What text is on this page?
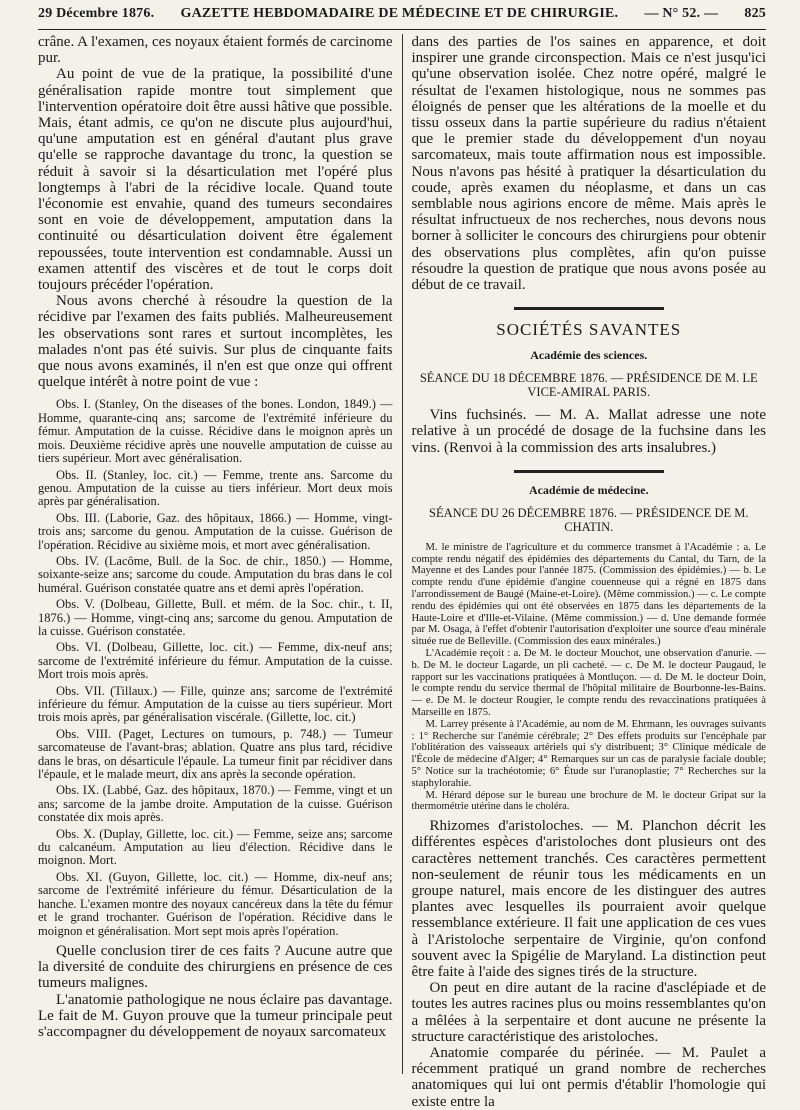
29 Décembre 1876. GAZETTE HEBDOMADAIRE DE MÉDECINE ET DE CHIRURGIE. — N° 52. — 825

crâne. A l'examen, ces noyaux étaient formés de carcinome pur.

Au point de vue de la pratique, la possibilité d'une généralisation rapide montre tout simplement que l'intervention opératoire doit être aussi hâtive que possible. Mais, étant admis, ce qu'on ne discute plus aujourd'hui, qu'une amputation est en général d'autant plus grave qu'elle se rapproche davantage du tronc, la question se réduit à savoir si la désarticulation met l'opéré plus longtemps à l'abri de la récidive locale. Quand toute l'économie est envahie, quand des tumeurs secondaires sont en voie de développement, amputation dans la continuité ou désarticulation doivent être également repoussées, toute intervention est condamnable. Aussi un examen attentif des viscères et de tout le corps doit toujours précéder l'opération.

Nous avons cherché à résoudre la question de la récidive par l'examen des faits publiés. Malheureusement les observations sont rares et surtout incomplètes, les malades n'ont pas été suivis. Sur plus de cinquante faits que nous avons examinés, il n'en est que onze qui offrent quelque intérêt à notre point de vue :

Obs. I. (Stanley, On the diseases of the bones. London, 1849.) — Homme, quarante-cinq ans; sarcome de l'extrémité inférieure du fémur. Amputation de la cuisse. Récidive dans le moignon après un mois. Deuxième récidive après une nouvelle amputation de cuisse au tiers supérieur. Mort avec généralisation.

Obs. II. (Stanley, loc. cit.) — Femme, trente ans. Sarcome du genou. Amputation de la cuisse au tiers inférieur. Mort deux mois après par généralisation.

Obs. III. (Laborie, Gaz. des hôpitaux, 1866.) — Homme, vingt-trois ans; sarcome du genou. Amputation de la cuisse. Guérison de l'opération. Récidive au sixième mois, et mort avec généralisation.

Obs. IV. (Lacôme, Bull. de la Soc. de chir., 1850.) — Homme, soixante-seize ans; sarcome du coude. Amputation du bras dans le col huméral. Guérison constatée quatre ans et demi après l'opération.

Obs. V. (Dolbeau, Gillette, Bull. et mém. de la Soc. chir., t. II, 1876.) — Homme, vingt-cinq ans; sarcome du genou. Amputation de la cuisse. Guérison constatée.

Obs. VI. (Dolbeau, Gillette, loc. cit.) — Femme, dix-neuf ans; sarcome de l'extrémité inférieure du fémur. Amputation de la cuisse. Mort trois mois après.

Obs. VII. (Tillaux.) — Fille, quinze ans; sarcome de l'extrémité inférieure du fémur. Amputation de la cuisse au tiers supérieur. Mort trois mois après, par généralisation viscérale. (Gillette, loc. cit.)

Obs. VIII. (Paget, Lectures on tumours, p. 748.) — Tumeur sarcomateuse de l'avant-bras; ablation. Quatre ans plus tard, récidive dans le bras, on désarticule l'épaule. La tumeur finit par récidiver dans l'épaule, et le malade meurt, dix ans après la seconde opération.

Obs. IX. (Labbé, Gaz. des hôpitaux, 1870.) — Femme, vingt et un ans; sarcome de la jambe droite. Amputation de la cuisse. Guérison constatée dix mois après.

Obs. X. (Duplay, Gillette, loc. cit.) — Femme, seize ans; sarcome du calcanéum. Amputation au lieu d'élection. Récidive dans le moignon. Mort.

Obs. XI. (Guyon, Gillette, loc. cit.) — Homme, dix-neuf ans; sarcome de l'extrémité inférieure du fémur. Désarticulation de la hanche. L'examen montre des noyaux cancéreux dans la tête du fémur et le grand trochanter. Guérison de l'opération. Récidive dans le moignon et généralisation. Mort sept mois après l'opération.

Quelle conclusion tirer de ces faits ? Aucune autre que la diversité de conduite des chirurgiens en présence de ces tumeurs malignes.

L'anatomie pathologique ne nous éclaire pas davantage. Le fait de M. Guyon prouve que la tumeur principale peut s'accompagner du développement de noyaux sarcomateux

dans des parties de l'os saines en apparence, et doit inspirer une grande circonspection. Mais ce n'est jusqu'ici qu'une observation isolée. Chez notre opéré, malgré le résultat de l'examen histologique, nous ne sommes pas éloignés de penser que les altérations de la moelle et du tissu osseux dans la partie supérieure du radius n'étaient que le premier stade du développement d'un noyau sarcomateux, mais toute affirmation nous est impossible. Nous n'avons pas hésité à pratiquer la désarticulation du coude, après examen du néoplasme, et dans un cas semblable nous agirions encore de même. Mais après le résultat infructueux de nos recherches, nous devons nous borner à solliciter le concours des chirurgiens pour obtenir des observations plus complètes, afin qu'on puisse résoudre la question de pratique que nous avons posée au début de ce travail.

SOCIÉTÉS SAVANTES
Académie des sciences.
SÉANCE DU 18 DÉCEMBRE 1876. — PRÉSIDENCE DE M. LE VICE-AMIRAL PARIS.

Vins fuchsinés. — M. A. Mallat adresse une note relative à un procédé de dosage de la fuchsine dans les vins. (Renvoi à la commission des arts insalubres.)

Académie de médecine.
SÉANCE DU 26 DÉCEMBRE 1876. — PRÉSIDENCE DE M. CHATIN.

M. le ministre de l'agriculture et du commerce transmet à l'Académie : a. Le compte rendu négatif des épidémies des départements du Cantal, du Tarn, de la Mayenne et des Landes pour l'année 1875. (Commission des épidémies.) — b. Le compte rendu d'une épidémie d'angine couenneuse qui a régné en 1875 dans l'arrondissement de Baugé (Maine-et-Loire). (Même commission.) — c. Le compte rendu des épidémies qui ont été observées en 1875 dans les départements de la Haute-Loire et d'Ille-et-Vilaine. (Même commission.) — d. Une demande formée par M. Osaga, à l'effet d'obtenir l'autorisation d'exploiter une source d'eau minérale située rue de Belleville. (Commission des eaux minérales.)

L'Académie reçoit : a. De M. le docteur Mouchot, une observation d'anurie. — b. De M. le docteur Lagarde, un pli cacheté. — c. De M. le docteur Paugaud, le rapport sur les vaccinations pratiquées à Montluçon. — d. De M. le docteur Doin, le compte rendu du service thermal de l'hôpital militaire de Bourbonne-les-Bains. — e. De M. le docteur Rougier, le compte rendu des revaccinations pratiquées à Marseille en 1875.

M. Larrey présente à l'Académie, au nom de M. Ehrmann, les ouvrages suivants : 1° Recherche sur l'anémie cérébrale; 2° Des effets produits sur l'encéphale par l'oblitération des vaisseaux artériels qui s'y distribuent; 3° Clinique médicale de l'École de médecine d'Alger; 4° Remarques sur un cas de paralysie faciale double; 5° Notice sur la trachéotomie; 6° Étude sur l'uranoplastie; 7° Recherches sur la staphylorahie.

M. Hérard dépose sur le bureau une brochure de M. le docteur Gripat sur la thermométrie utérine dans le choléra.

Rhizomes d'aristoloches. — M. Planchon décrit les différentes espèces d'aristoloches dont plusieurs ont des caractères nettement tranchés. Ces caractères permettent non-seulement de réunir tous les médicaments en un groupe naturel, mais encore de les distinguer des autres plantes avec lesquelles ils pourraient avoir quelque ressemblance extérieure. Il fait une application de ces vues à l'Aristoloche serpentaire de Virginie, qu'on confond souvent avec la Spigélie de Maryland. La distinction peut être faite à l'aide des signes tirés de la structure.

On peut en dire autant de la racine d'asclépiade et de toutes les autres racines plus ou moins ressemblantes qu'on a mêlées à la serpentaire et dont aucune ne présente la structure caractéristique des aristoloches.

Anatomie comparée du périnée. — M. Paulet a récemment pratiqué un grand nombre de recherches anatomiques qui lui ont permis d'établir l'homologie qui existe entre la
